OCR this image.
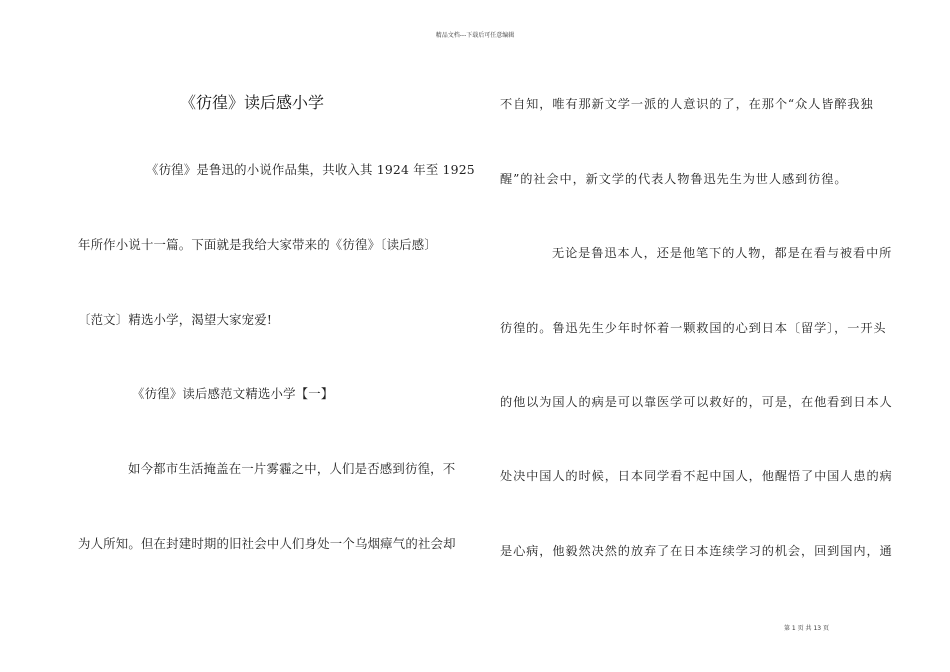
精品文档---下载后可任意编辑
《彷徨》读后感小学
《彷徨》是鲁迅的小说作品集，共收入其 1924 年至 1925
年所作小说十一篇。下面就是我给大家带来的《彷徨》〔读后感〕
〔范文〕精选小学，渴望大家宠爱!
《彷徨》读后感范文精选小学【一】
如今都市生活掩盖在一片雾霾之中，人们是否感到彷徨，不
为人所知。但在封建时期的旧社会中人们身处一个乌烟瘴气的社会却
不自知，唯有那新文学一派的人意识的了，在那个“众人皆醉我独
醒”的社会中，新文学的代表人物鲁迅先生为世人感到彷徨。
无论是鲁迅本人，还是他笔下的人物，都是在看与被看中所
彷徨的。鲁迅先生少年时怀着一颗救国的心到日本〔留学〕，一开头
的他以为国人的病是可以靠医学可以救好的，可是，在他看到日本人
处决中国人的时候，日本同学看不起中国人，他醒悟了中国人患的病
是心病，他毅然决然的放弃了在日本连续学习的机会，回到国内，通
第 1 页 共 13 页
